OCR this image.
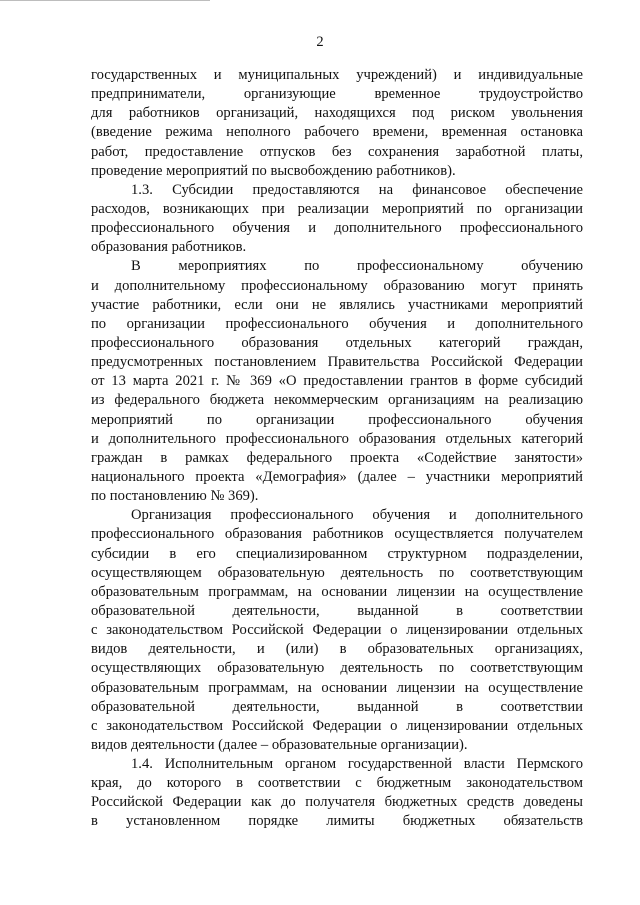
2
государственных и муниципальных учреждений) и индивидуальные
предприниматели, организующие временное трудоустройство
для работников организаций, находящихся под риском увольнения
(введение режима неполного рабочего времени, временная остановка
работ, предоставление отпусков без сохранения заработной платы,
проведение мероприятий по высвобождению работников).
1.3. Субсидии предоставляются на финансовое обеспечение
расходов, возникающих при реализации мероприятий по организации
профессионального обучения и дополнительного профессионального
образования работников.
В мероприятиях по профессиональному обучению
и дополнительному профессиональному образованию могут принять
участие работники, если они не являлись участниками мероприятий
по организации профессионального обучения и дополнительного
профессионального образования отдельных категорий граждан,
предусмотренных постановлением Правительства Российской Федерации
от 13 марта 2021 г. № 369 «О предоставлении грантов в форме субсидий
из федерального бюджета некоммерческим организациям на реализацию
мероприятий по организации профессионального обучения
и дополнительного профессионального образования отдельных категорий
граждан в рамках федерального проекта «Содействие занятости»
национального проекта «Демография» (далее – участники мероприятий
по постановлению № 369).
Организация профессионального обучения и дополнительного
профессионального образования работников осуществляется получателем
субсидии в его специализированном структурном подразделении,
осуществляющем образовательную деятельность по соответствующим
образовательным программам, на основании лицензии на осуществление
образовательной деятельности, выданной в соответствии
с законодательством Российской Федерации о лицензировании отдельных
видов деятельности, и (или) в образовательных организациях,
осуществляющих образовательную деятельность по соответствующим
образовательным программам, на основании лицензии на осуществление
образовательной деятельности, выданной в соответствии
с законодательством Российской Федерации о лицензировании отдельных
видов деятельности (далее – образовательные организации).
1.4. Исполнительным органом государственной власти Пермского
края, до которого в соответствии с бюджетным законодательством
Российской Федерации как до получателя бюджетных средств доведены
в установленном порядке лимиты бюджетных обязательств
